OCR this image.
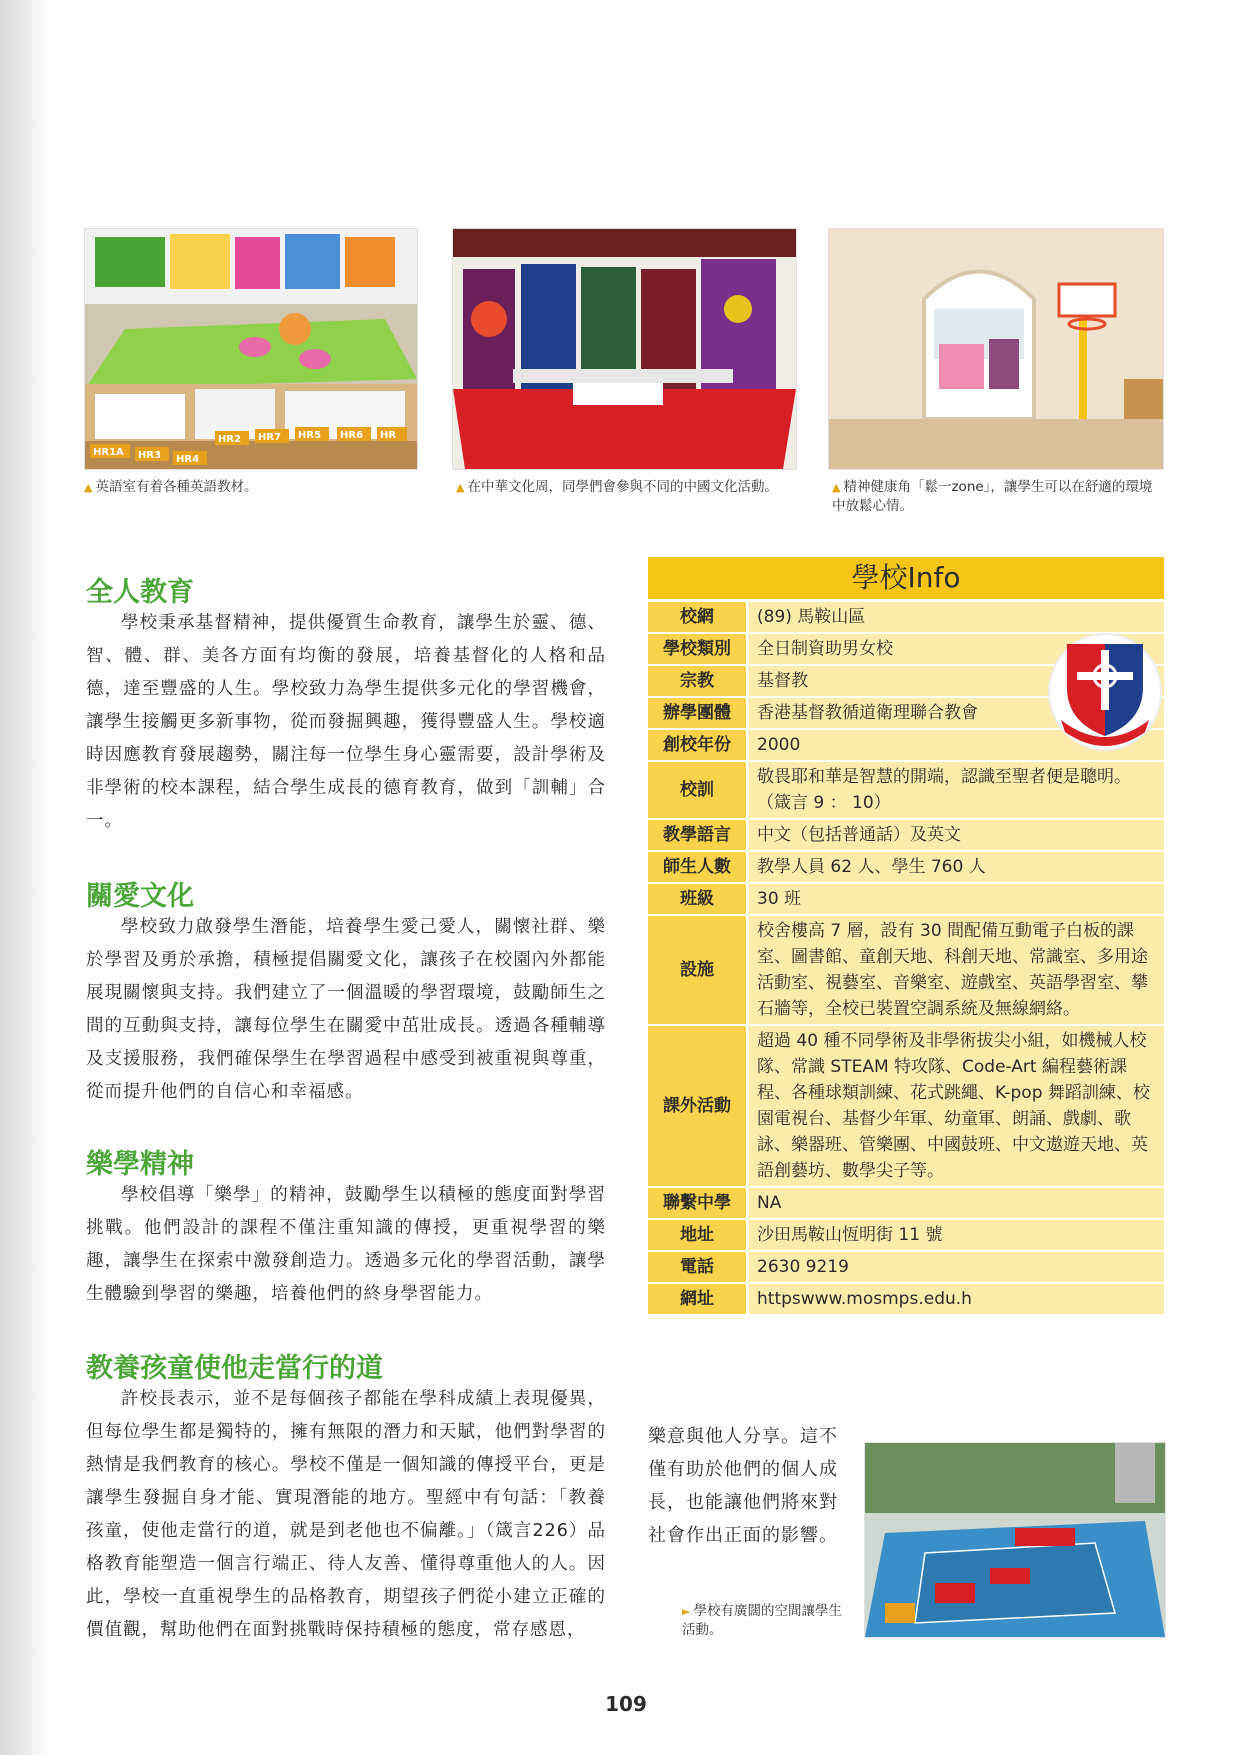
HR1A HR3 HR4
HR2 HR7 HR5 HR6 HR
▲ 英語室有着各種英語教材。	▲ 在中華文化周，同學們會參與不同的中國文化活動。	▲ 精神健康角「鬆一zone」，讓學生可以在舒適的環境中放鬆心情。
全人教育

學校秉承基督精神，提供優質生命教育，讓學生於靈、德、智、體、群、美各方面有均衡的發展，培養基督化的人格和品德，達至豐盛的人生。學校致力為學生提供多元化的學習機會，讓學生接觸更多新事物，從而發掘興趣，獲得豐盛人生。學校適時因應教育發展趨勢，關注每一位學生身心靈需要，設計學術及非學術的校本課程，結合學生成長的德育教育，做到「訓輔」合一。

關愛文化

學校致力啟發學生潛能，培養學生愛己愛人，關懷社群、樂於學習及勇於承擔，積極提倡關愛文化，讓孩子在校園內外都能展現關懷與支持。我們建立了一個溫暖的學習環境，鼓勵師生之間的互動與支持，讓每位學生在關愛中茁壯成長。透過各種輔導及支援服務，我們確保學生在學習過程中感受到被重視與尊重，從而提升他們的自信心和幸福感。

樂學精神

學校倡導「樂學」的精神，鼓勵學生以積極的態度面對學習挑戰。他們設計的課程不僅注重知識的傳授，更重視學習的樂趣，讓學生在探索中激發創造力。透過多元化的學習活動，讓學生體驗到學習的樂趣，培養他們的終身學習能力。

教養孩童使他走當行的道

許校長表示，並不是每個孩子都能在學科成績上表現優異，但每位學生都是獨特的，擁有無限的潛力和天賦，他們對學習的熱情是我們教育的核心。學校不僅是一個知識的傳授平台，更是讓學生發掘自身才能、實現潛能的地方。聖經中有句話：「教養孩童，使他走當行的道，就是到老他也不偏離。」（箴言226）品格教育能塑造一個言行端正、待人友善、懂得尊重他人的人。因此，學校一直重視學生的品格教育，期望孩子們從小建立正確的價值觀，幫助他們在面對挑戰時保持積極的態度，常存感恩，

學校Info
校網	(89) 馬鞍山區
學校類別	全日制資助男女校
宗教	基督教
辦學團體	香港基督教循道衛理聯合教會
創校年份	2000
校訓	敬畏耶和華是智慧的開端，認識至聖者便是聰明。（箴言 9 ： 10）
教學語言	中文（包括普通話）及英文
師生人數	教學人員 62 人、學生 760 人
班級	30 班
設施	校舍樓高 7 層，設有 30 間配備互動電子白板的課室、圖書館、童創天地、科創天地、常識室、多用途活動室、視藝室、音樂室、遊戲室、英語學習室、攀石牆等，全校已裝置空調系統及無線網絡。
課外活動	超過 40 種不同學術及非學術拔尖小組，如機械人校隊、常識 STEAM 特攻隊、Code-Art 編程藝術課程、各種球類訓練、花式跳繩、K-pop 舞蹈訓練、校園電視台、基督少年軍、幼童軍、朗誦、戲劇、歌詠、樂器班、管樂團、中國鼓班、中文遨遊天地、英語創藝坊、數學尖子等。
聯繫中學	NA
地址	沙田馬鞍山恆明街 11 號
電話	2630 9219
網址	httpswww.mosmps.edu.h
樂意與他人分享。這不僅有助於他們的個人成長，也能讓他們將來對社會作出正面的影響。
► 學校有廣闊的空間讓學生活動。
109
